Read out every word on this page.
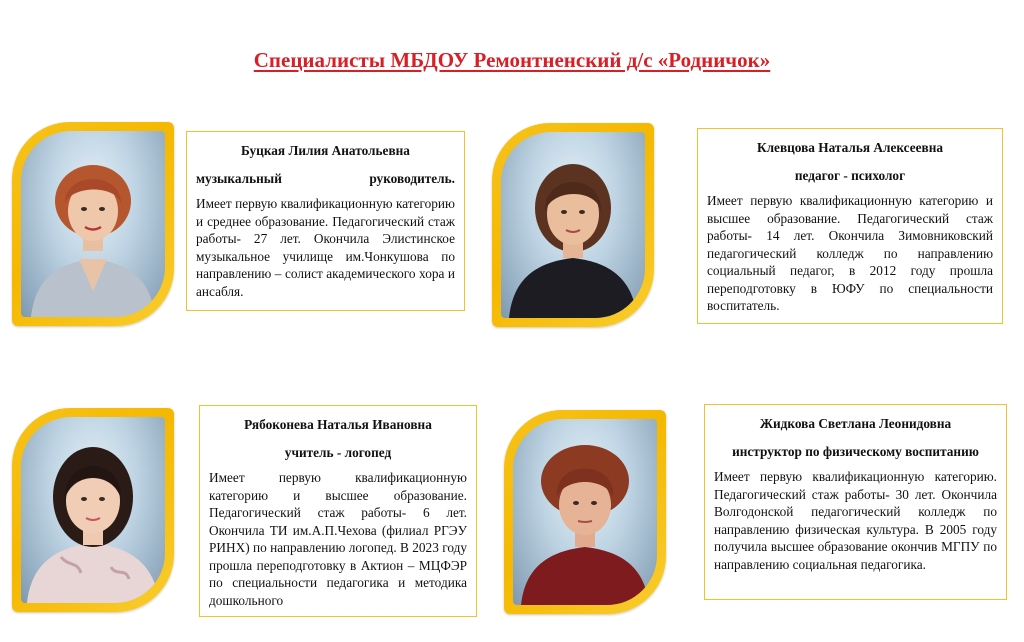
Специалисты МБДОУ Ремонтненский д/с «Родничок»
Буцкая Лилия Анатольевна
музыкальный руководитель.

Имеет первую квалификационную категорию и среднее образование. Педагогический стаж работы- 27 лет. Окончила Элистинское музыкальное училище им.Чонкушова по направлению – солист академического хора и ансабля.

Клевцова Наталья Алексеевна
педагог - психолог

Имеет первую квалификационную категорию и высшее образование. Педагогический стаж работы- 14 лет. Окончила Зимовниковский педагогический колледж по направлению социальный педагог, в 2012 году прошла переподготовку в ЮФУ по специальности воспитатель.

Рябоконева Наталья Ивановна
учитель - логопед

Имеет первую квалификационную категорию и высшее образование. Педагогический стаж работы- 6 лет. Окончила ТИ им.А.П.Чехова (филиал РГЭУ РИНХ) по направлению логопед. В 2023 году прошла переподготовку в Актион – МЦФЭР по специальности педагогика и методика дошкольного

Жидкова Светлана Леонидовна
инструктор по физическому воспитанию

Имеет первую квалификационную категорию. Педагогический стаж работы- 30 лет. Окончила Волгодонской педагогический колледж по направлению физическая культура. В 2005 году получила высшее образование окончив МГПУ по направлению социальная педагогика.
